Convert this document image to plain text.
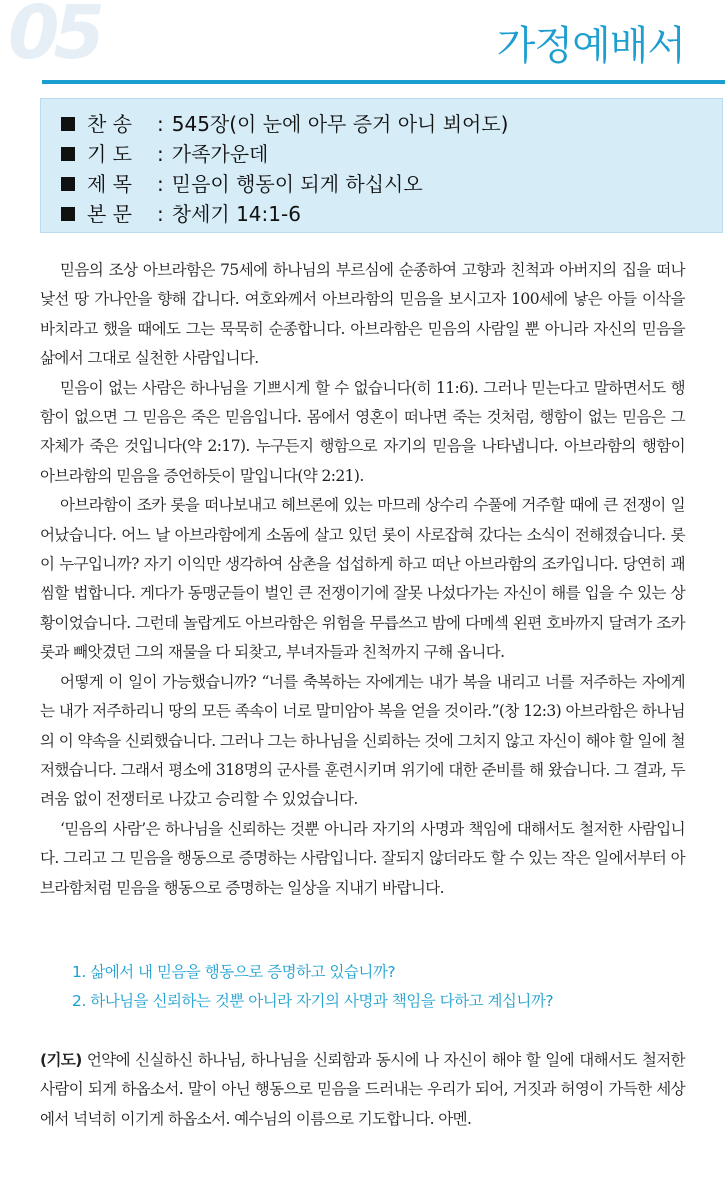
05	가정예배서
찬 송	: 545장(이 눈에 아무 증거 아니 뵈어도)
기 도	: 가족가운데
제 목	: 믿음이 행동이 되게 하십시오
본 문	: 창세기 14:1-6

믿음의 조상 아브라함은 75세에 하나님의 부르심에 순종하여 고향과 친척과 아버지의 집을 떠나 낯선 땅 가나안을 향해 갑니다. 여호와께서 아브라함의 믿음을 보시고자 100세에 낳은 아들 이삭을 바치라고 했을 때에도 그는 묵묵히 순종합니다. 아브라함은 믿음의 사람일 뿐 아니라 자신의 믿음을 삶에서 그대로 실천한 사람입니다.

믿음이 없는 사람은 하나님을 기쁘시게 할 수 없습니다(히 11:6). 그러나 믿는다고 말하면서도 행함이 없으면 그 믿음은 죽은 믿음입니다. 몸에서 영혼이 떠나면 죽는 것처럼, 행함이 없는 믿음은 그 자체가 죽은 것입니다(약 2:17). 누구든지 행함으로 자기의 믿음을 나타냅니다. 아브라함의 행함이 아브라함의 믿음을 증언하듯이 말입니다(약 2:21).

아브라함이 조카 롯을 떠나보내고 헤브론에 있는 마므레 상수리 수풀에 거주할 때에 큰 전쟁이 일어났습니다. 어느 날 아브라함에게 소돔에 살고 있던 롯이 사로잡혀 갔다는 소식이 전해졌습니다. 롯이 누구입니까? 자기 이익만 생각하여 삼촌을 섭섭하게 하고 떠난 아브라함의 조카입니다. 당연히 괘씸할 법합니다. 게다가 동맹군들이 벌인 큰 전쟁이기에 잘못 나섰다가는 자신이 해를 입을 수 있는 상황이었습니다. 그런데 놀랍게도 아브라함은 위험을 무릅쓰고 밤에 다메섹 왼편 호바까지 달려가 조카 롯과 빼앗겼던 그의 재물을 다 되찾고, 부녀자들과 친척까지 구해 옵니다.

어떻게 이 일이 가능했습니까? “너를 축복하는 자에게는 내가 복을 내리고 너를 저주하는 자에게는 내가 저주하리니 땅의 모든 족속이 너로 말미암아 복을 얻을 것이라.”(창 12:3) 아브라함은 하나님의 이 약속을 신뢰했습니다. 그러나 그는 하나님을 신뢰하는 것에 그치지 않고 자신이 해야 할 일에 철저했습니다. 그래서 평소에 318명의 군사를 훈련시키며 위기에 대한 준비를 해 왔습니다. 그 결과, 두려움 없이 전쟁터로 나갔고 승리할 수 있었습니다.

‘믿음의 사람’은 하나님을 신뢰하는 것뿐 아니라 자기의 사명과 책임에 대해서도 철저한 사람입니다. 그리고 그 믿음을 행동으로 증명하는 사람입니다. 잘되지 않더라도 할 수 있는 작은 일에서부터 아브라함처럼 믿음을 행동으로 증명하는 일상을 지내기 바랍니다.

1. 삶에서 내 믿음을 행동으로 증명하고 있습니까?
2. 하나님을 신뢰하는 것뿐 아니라 자기의 사명과 책임을 다하고 계십니까?
(기도) 언약에 신실하신 하나님, 하나님을 신뢰함과 동시에 나 자신이 해야 할 일에 대해서도 철저한 사람이 되게 하옵소서. 말이 아닌 행동으로 믿음을 드러내는 우리가 되어, 거짓과 허영이 가득한 세상에서 넉넉히 이기게 하옵소서. 예수님의 이름으로 기도합니다. 아멘.
